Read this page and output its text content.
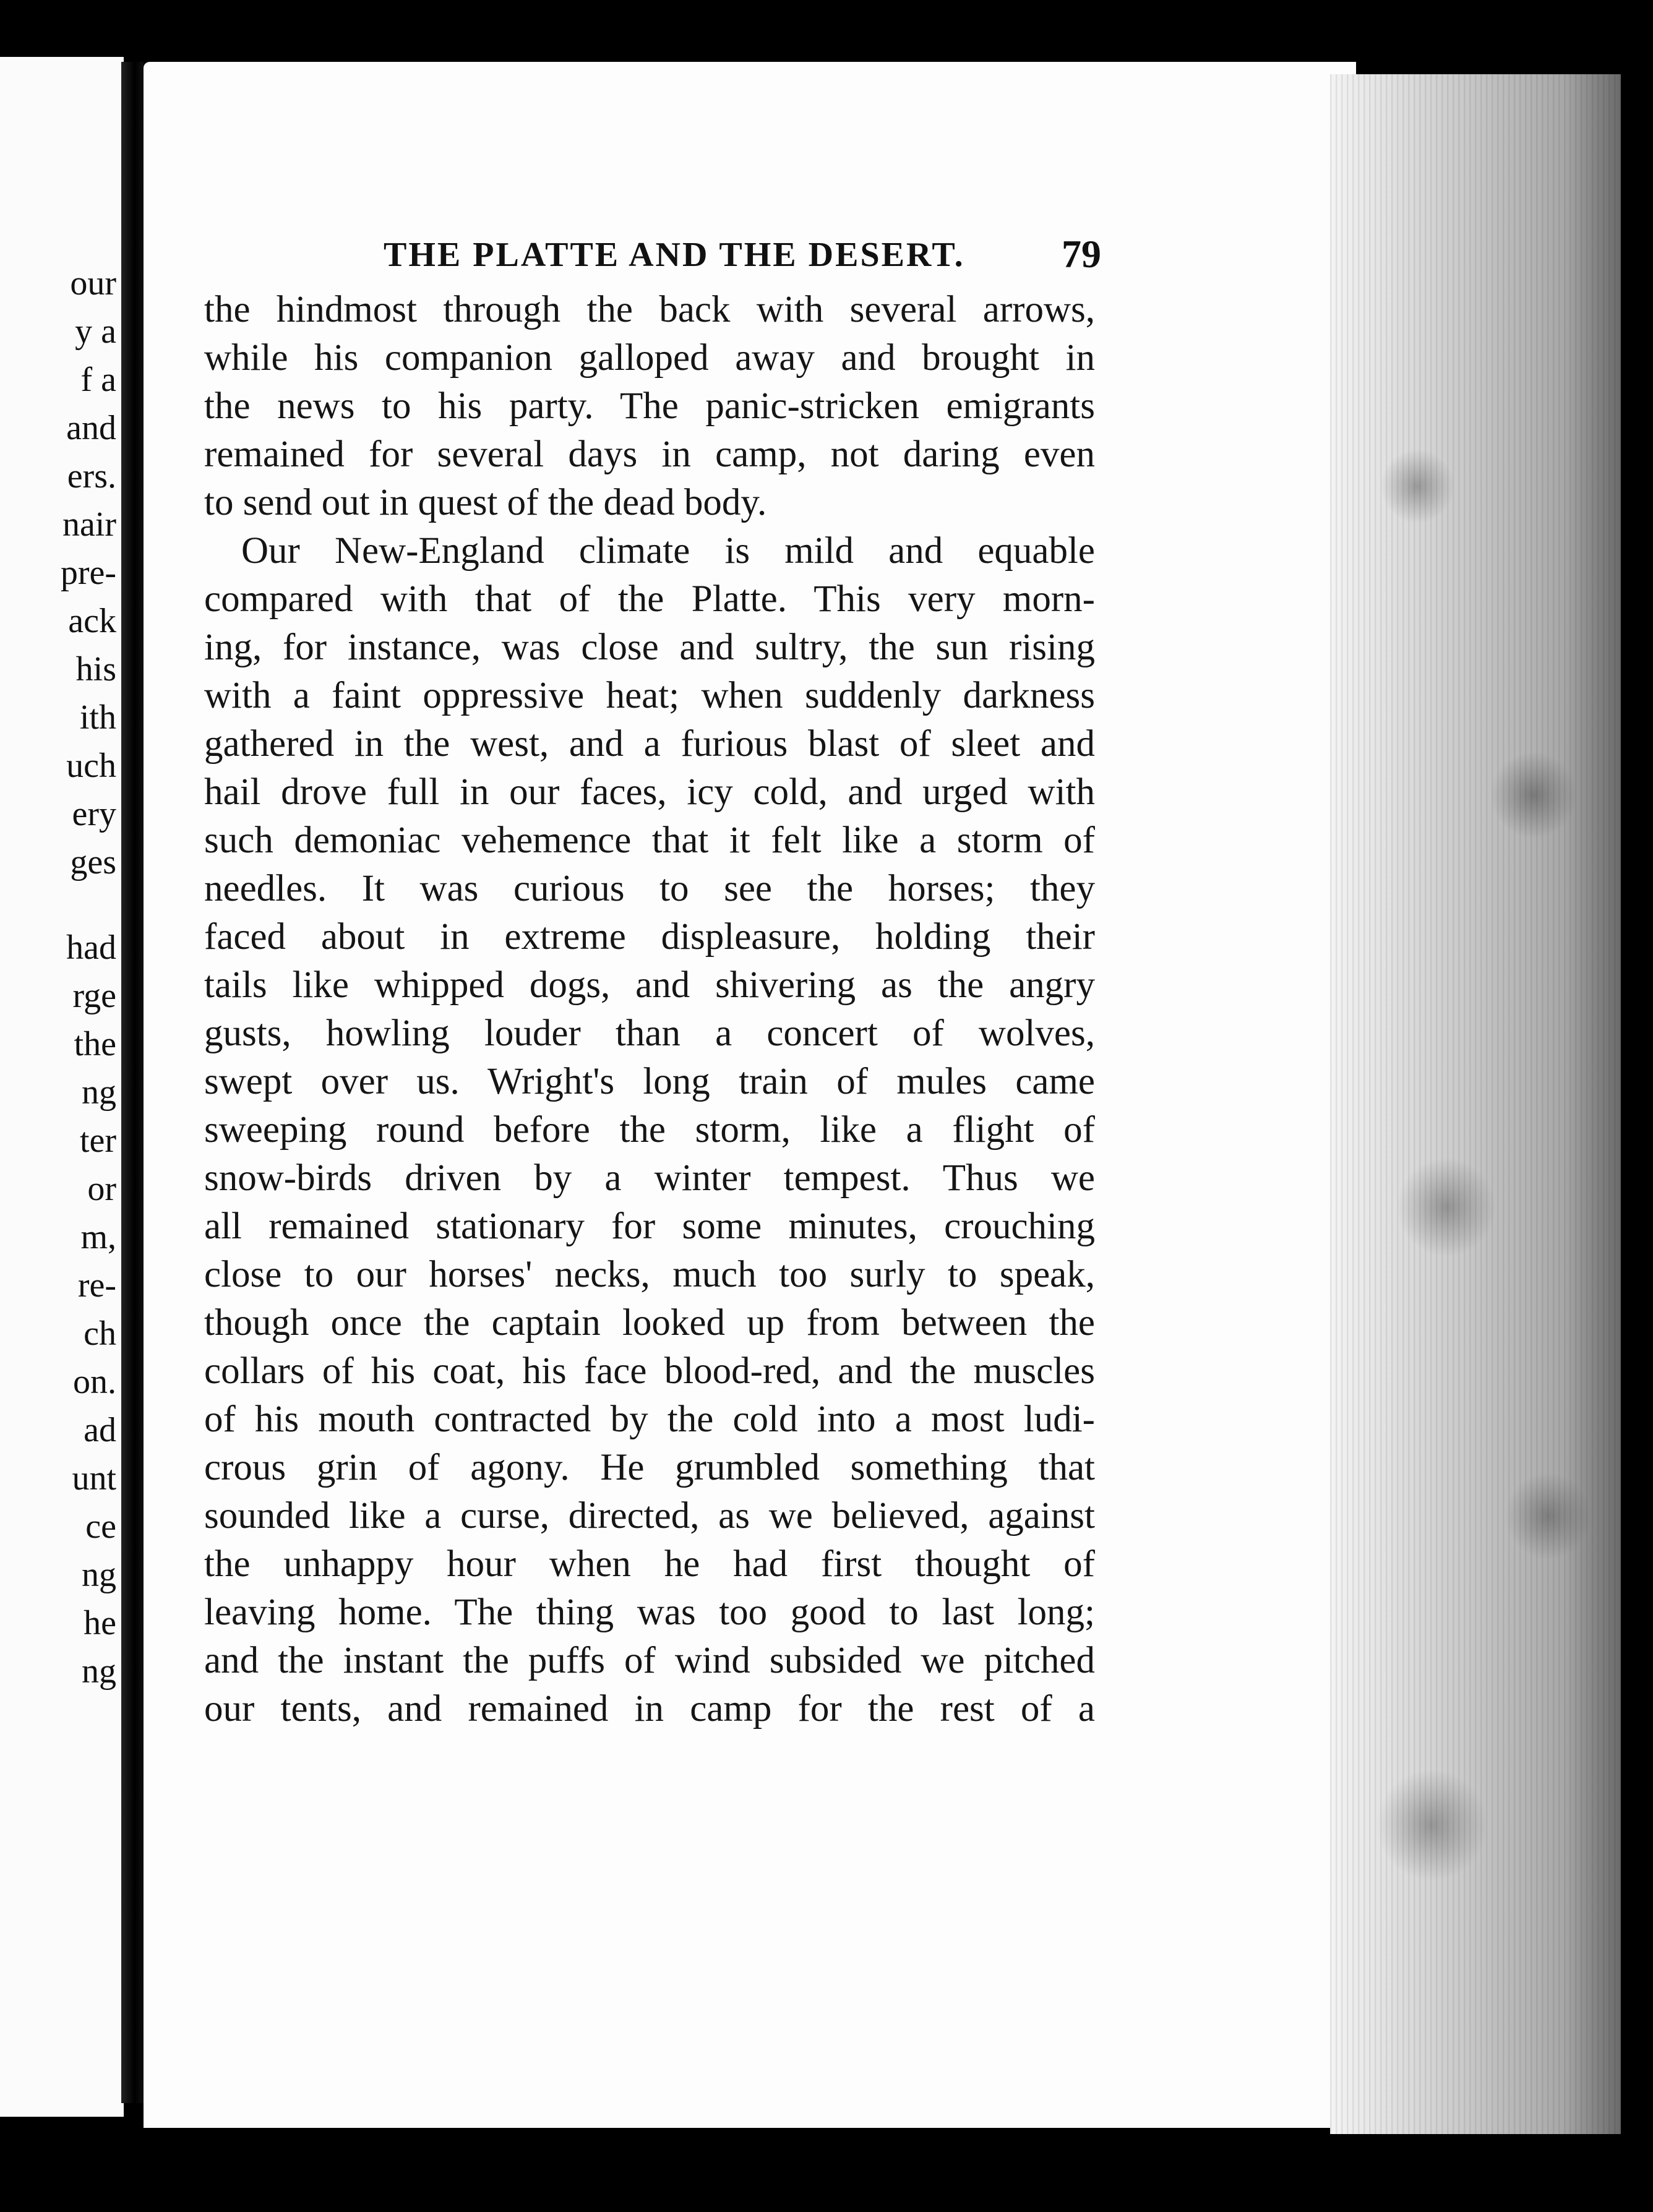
our
y a
f a
and
ers.
nair
pre-
ack
his
ith
uch
ery
ges
had
rge
the
ng
ter
or
m,
re-
ch
on.
ad
unt
ce
ng
he
ng
THE PLATTE AND THE DESERT. 79
the hindmost through the back with several arrows,
while his companion galloped away and brought in
the news to his party. The panic-stricken emigrants
remained for several days in camp, not daring even
to send out in quest of the dead body.
Our New-England climate is mild and equable
compared with that of the Platte. This very morn-
ing, for instance, was close and sultry, the sun rising
with a faint oppressive heat; when suddenly darkness
gathered in the west, and a furious blast of sleet and
hail drove full in our faces, icy cold, and urged with
such demoniac vehemence that it felt like a storm of
needles. It was curious to see the horses; they
faced about in extreme displeasure, holding their
tails like whipped dogs, and shivering as the angry
gusts, howling louder than a concert of wolves,
swept over us. Wright's long train of mules came
sweeping round before the storm, like a flight of
snow-birds driven by a winter tempest. Thus we
all remained stationary for some minutes, crouching
close to our horses' necks, much too surly to speak,
though once the captain looked up from between the
collars of his coat, his face blood-red, and the muscles
of his mouth contracted by the cold into a most ludi-
crous grin of agony. He grumbled something that
sounded like a curse, directed, as we believed, against
the unhappy hour when he had first thought of
leaving home. The thing was too good to last long;
and the instant the puffs of wind subsided we pitched
our tents, and remained in camp for the rest of a
